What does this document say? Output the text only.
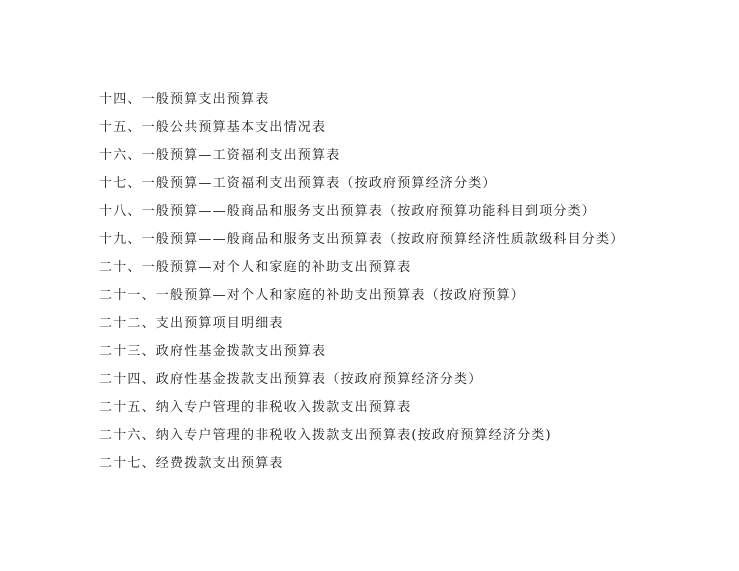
十四、一般预算支出预算表
十五、一般公共预算基本支出情况表
十六、一般预算—工资福利支出预算表
十七、一般预算—工资福利支出预算表（按政府预算经济分类）
十八、一般预算——般商品和服务支出预算表（按政府预算功能科目到项分类）
十九、一般预算——般商品和服务支出预算表（按政府预算经济性质款级科目分类）
二十、一般预算—对个人和家庭的补助支出预算表
二十一、一般预算—对个人和家庭的补助支出预算表（按政府预算）
二十二、支出预算项目明细表
二十三、政府性基金拨款支出预算表
二十四、政府性基金拨款支出预算表（按政府预算经济分类）
二十五、纳入专户管理的非税收入拨款支出预算表
二十六、纳入专户管理的非税收入拨款支出预算表(按政府预算经济分类)
二十七、经费拨款支出预算表
